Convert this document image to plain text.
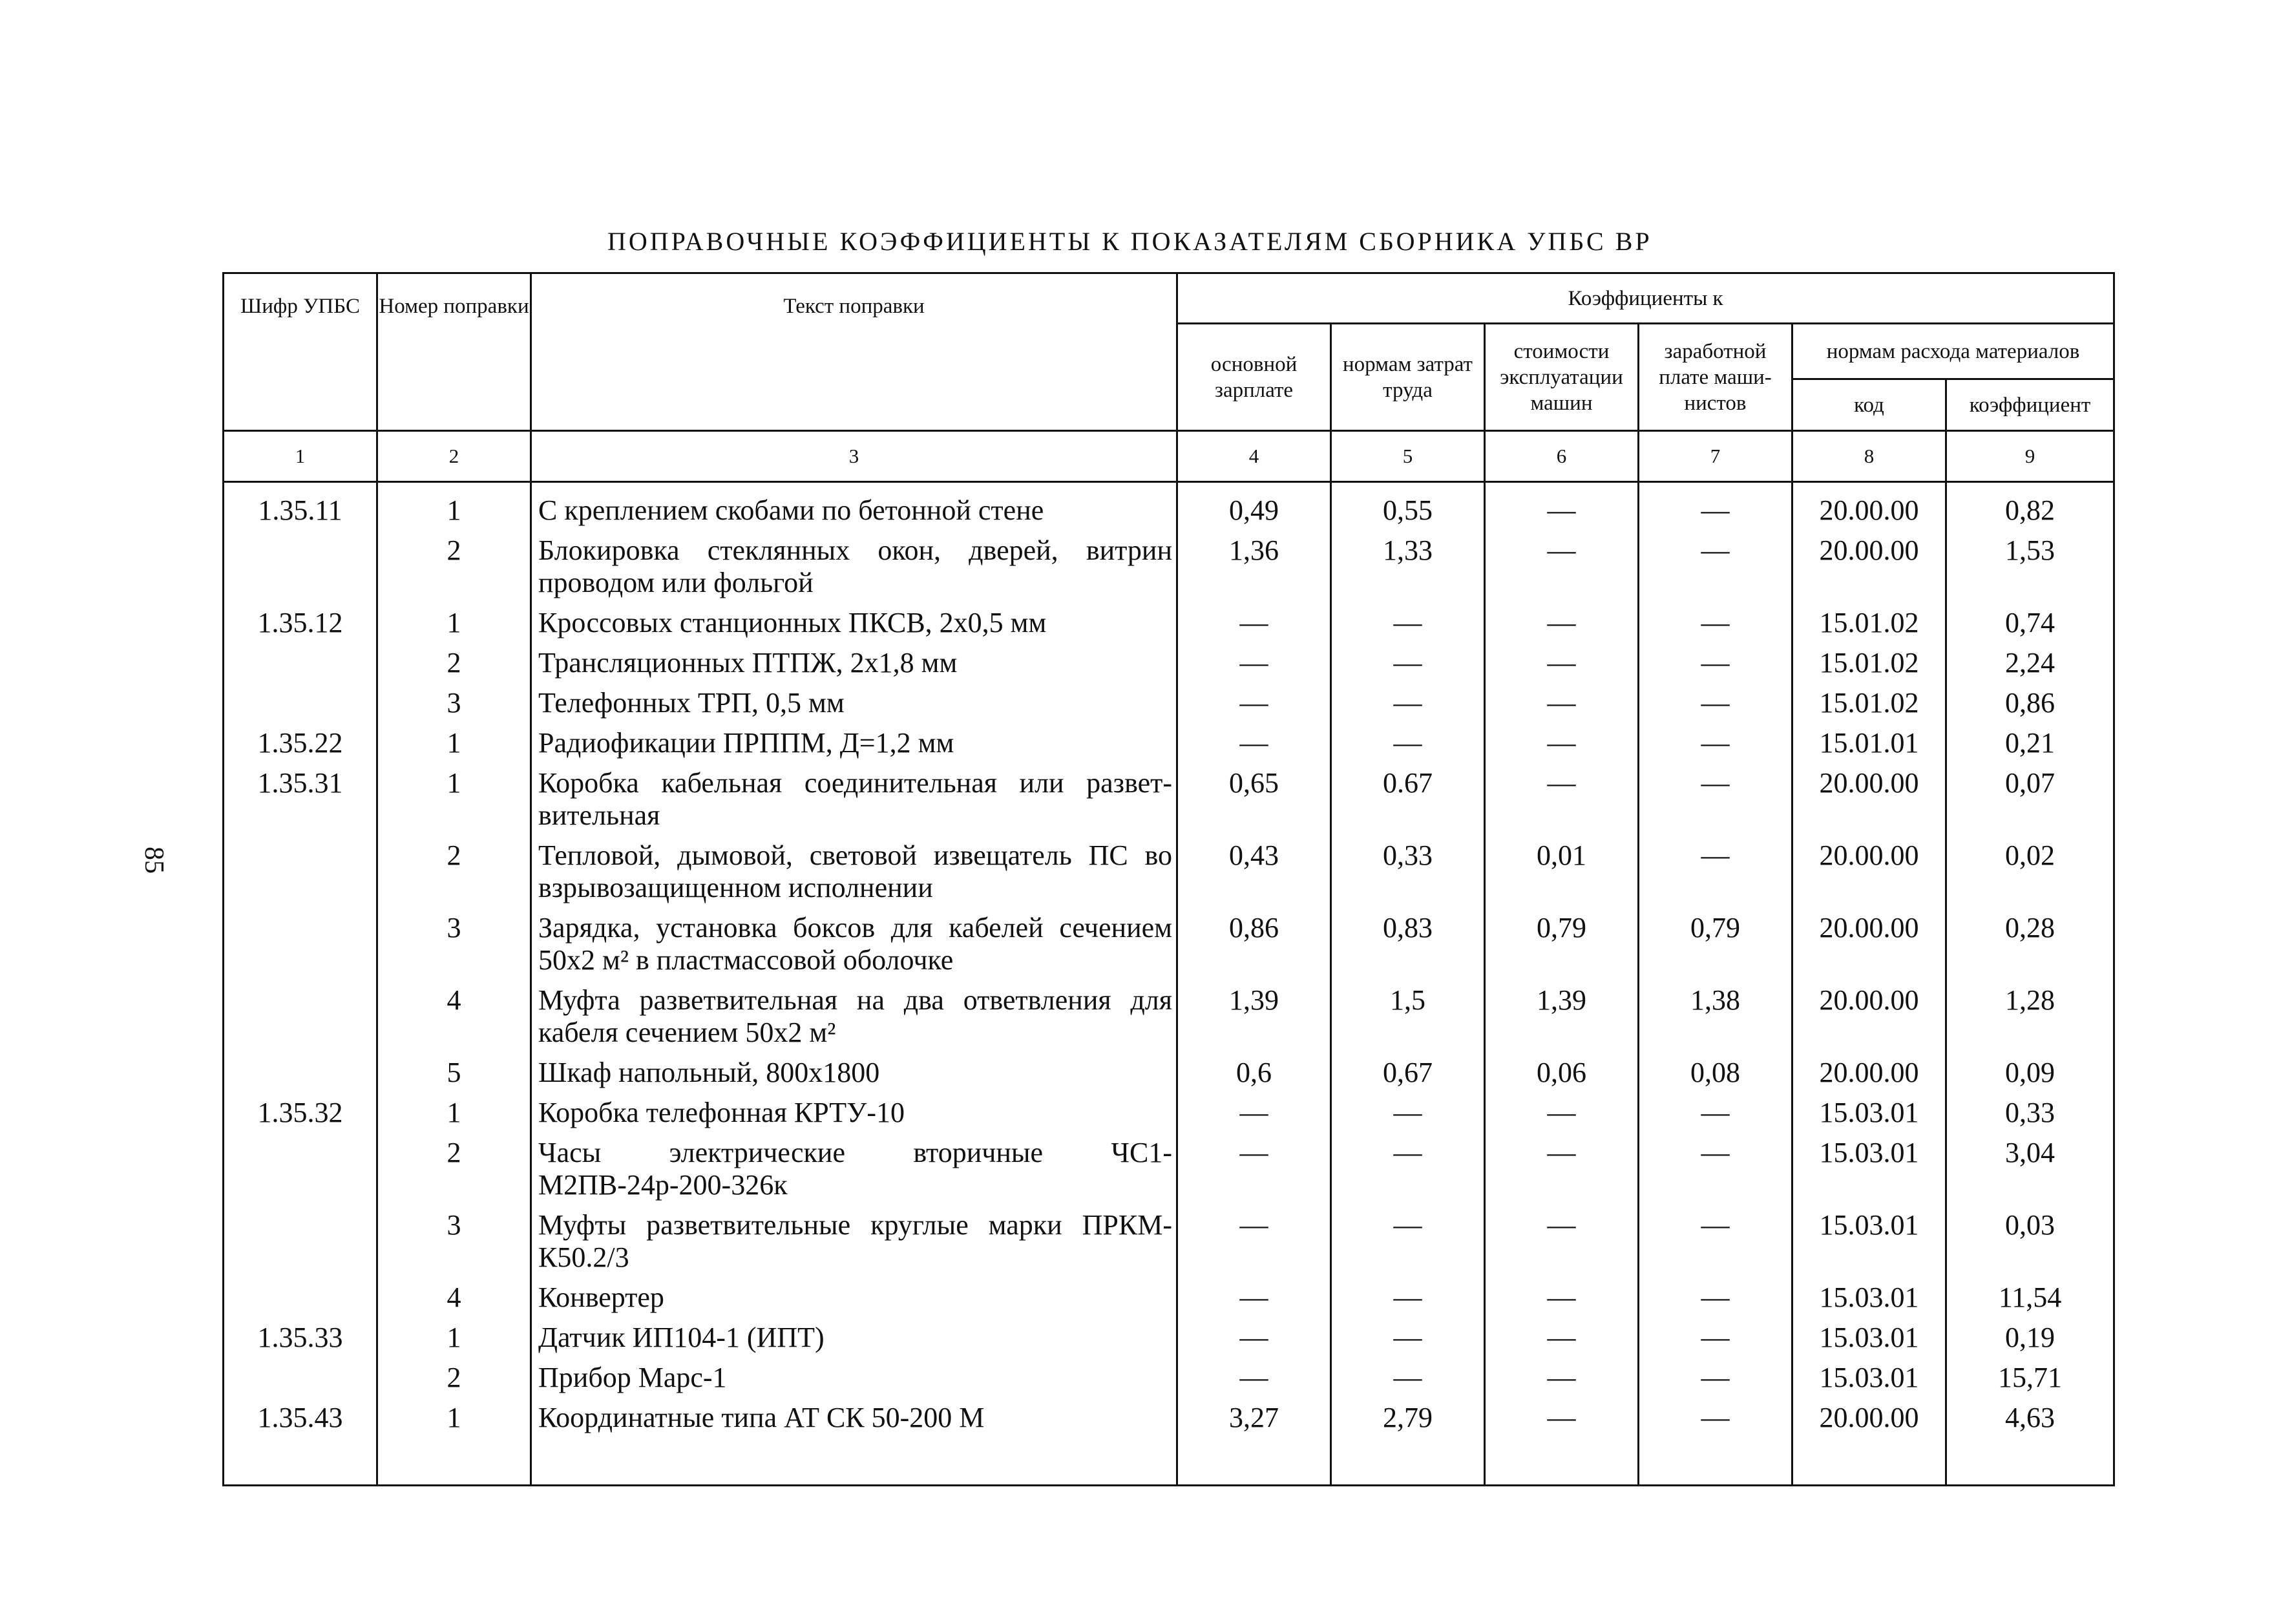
ПОПРАВОЧНЫЕ КОЭФФИЦИЕНТЫ К ПОКАЗАТЕЛЯМ СБОРНИКА УПБС ВР
85
Шифр УПБС	Номер поправки	Текст поправки	Коэффициенты к					
			основной зарплате	нормам затрат труда	стоимости эксплуатации машин	заработной плате маши-нистов	нормам расхода материалов	
							код	коэффициент
1	2	3	4	5	6	7	8	9

1.35.11	1	С креплением скобами по бетонной стене	0,49	0,55	—	—	20.00.00	0,82
	2	Блокировка стеклянных окон, дверей, витрин проводом или фольгой	1,36	1,33	—	—	20.00.00	1,53
1.35.12	1	Кроссовых станционных ПКСВ, 2х0,5 мм	—	—	—	—	15.01.02	0,74
	2	Трансляционных ПТПЖ, 2х1,8 мм	—	—	—	—	15.01.02	2,24
	3	Телефонных ТРП, 0,5 мм	—	—	—	—	15.01.02	0,86
1.35.22	1	Радиофикации ПРППМ, Д=1,2 мм	—	—	—	—	15.01.01	0,21
1.35.31	1	Коробка кабельная соединительная или развет-вительная	0,65	0.67	—	—	20.00.00	0,07
	2	Тепловой, дымовой, световой извещатель ПС во взрывозащищенном исполнении	0,43	0,33	0,01	—	20.00.00	0,02
	3	Зарядка, установка боксов для кабелей сечением 50х2 м² в пластмассовой оболочке	0,86	0,83	0,79	0,79	20.00.00	0,28
	4	Муфта разветвительная на два ответвления для кабеля сечением 50х2 м²	1,39	1,5	1,39	1,38	20.00.00	1,28
	5	Шкаф напольный, 800х1800	0,6	0,67	0,06	0,08	20.00.00	0,09
1.35.32	1	Коробка телефонная КРТУ-10	—	—	—	—	15.03.01	0,33
	2	Часы электрические вторичные ЧС1-М2ПВ-24р-200-326к	—	—	—	—	15.03.01	3,04
	3	Муфты разветвительные круглые марки ПРКМ-К50.2/3	—	—	—	—	15.03.01	0,03
	4	Конвертер	—	—	—	—	15.03.01	11,54
1.35.33	1	Датчик ИП104-1 (ИПТ)	—	—	—	—	15.03.01	0,19
	2	Прибор Марс-1	—	—	—	—	15.03.01	15,71
1.35.43	1	Координатные типа АТ СК 50-200 М	3,27	2,79	—	—	20.00.00	4,63
